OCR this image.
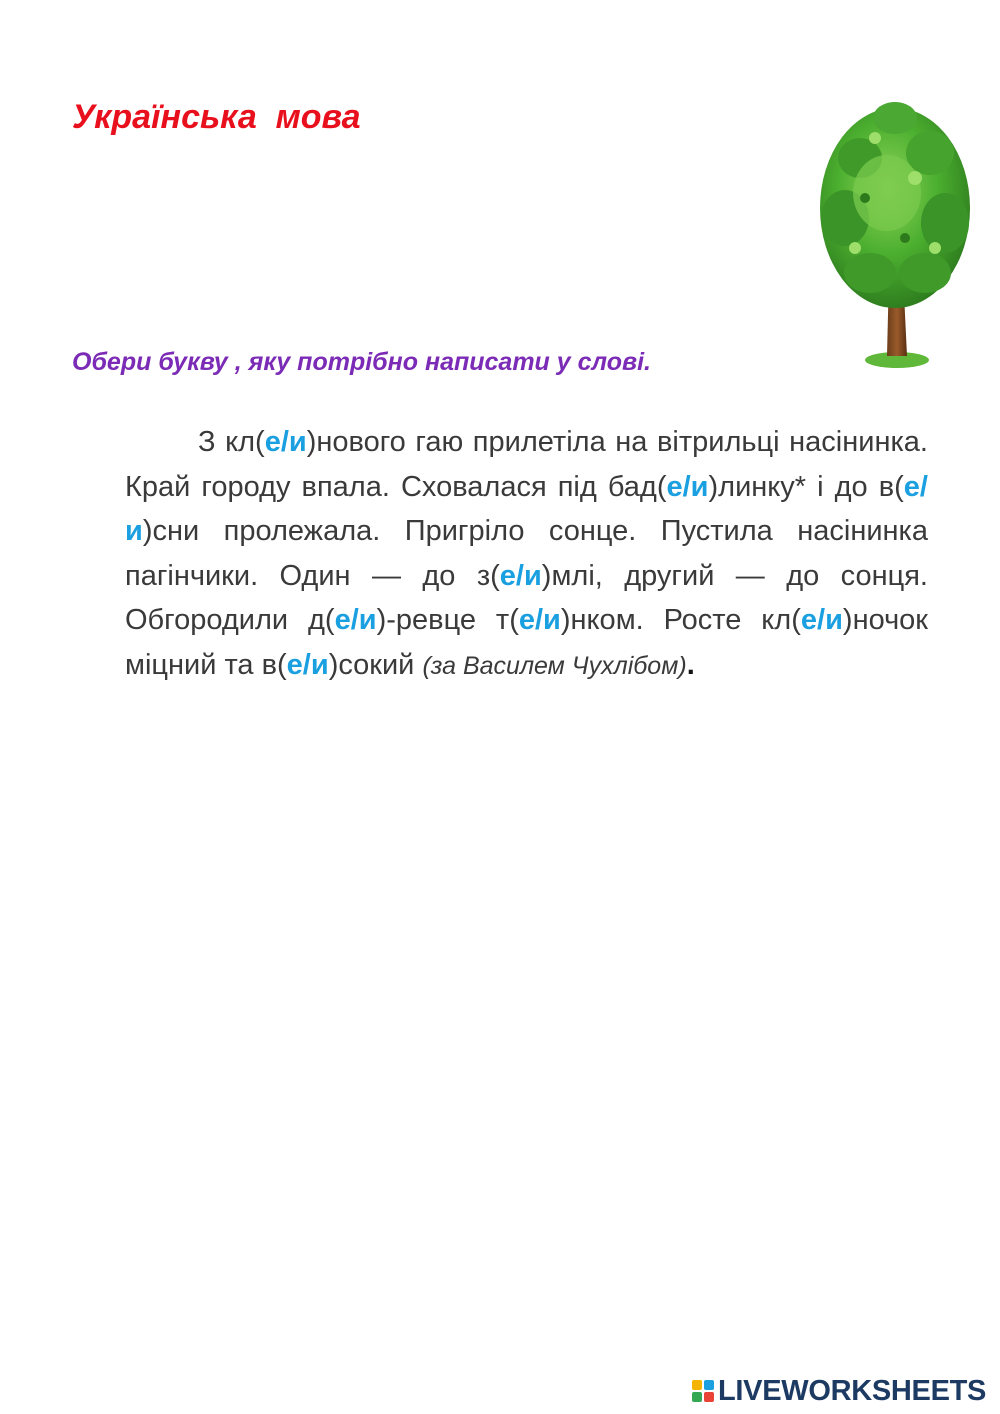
Українська  мова

Обери букву , яку потрібно написати у слові.

З кл(е/и)нового гаю прилетіла на вітрильці насінинка. Край городу впала. Сховалася під бад(е/и)линку* і до в(е/и)сни пролежала. Пригріло сонце. Пустила насінинка пагінчики. Один — до з(е/и)млі, другий — до сонця. Обгородили д(е/и)-ревце т(е/и)нком. Росте кл(е/и)ночок міцний та в(е/и)сокий (за Василем Чухлібом).

LIVEWORKSHEETS
